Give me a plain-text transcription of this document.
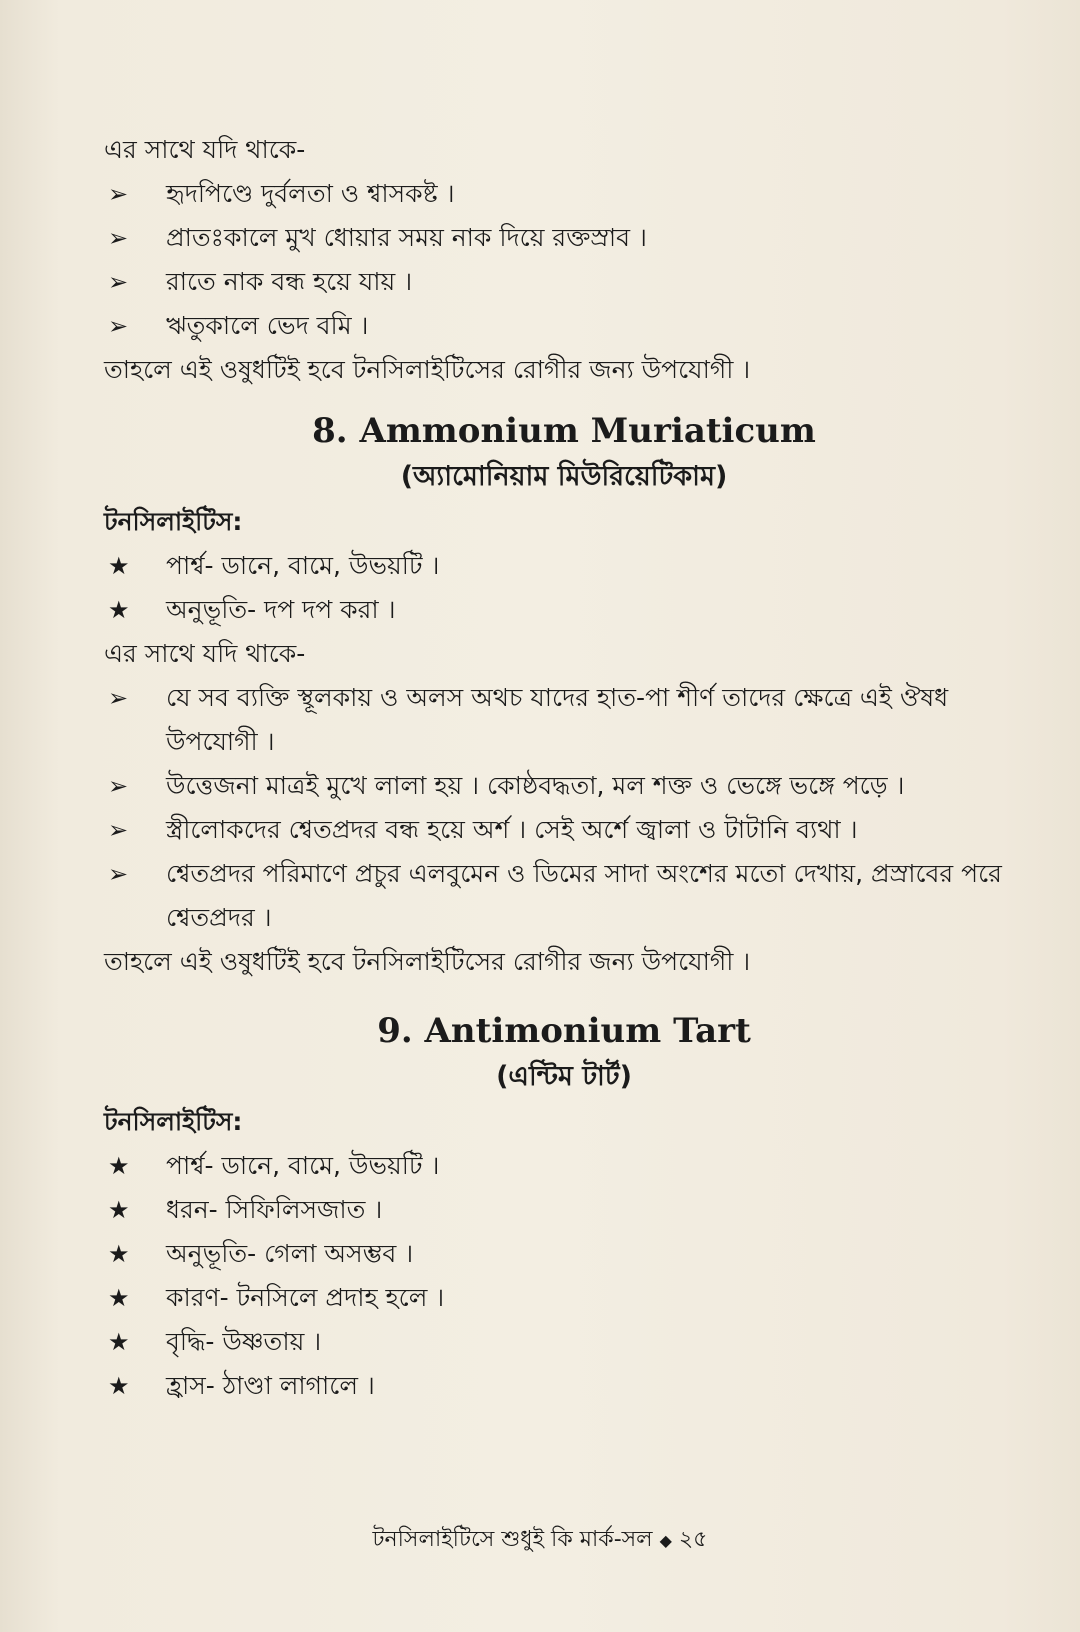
এর সাথে যদি থাকে-
➢ হৃদপিণ্ডে দুর্বলতা ও শ্বাসকষ্ট ।
➢ প্রাতঃকালে মুখ ধোয়ার সময় নাক দিয়ে রক্তস্রাব ।
➢ রাতে নাক বন্ধ হয়ে যায় ।
➢ ঋতুকালে ভেদ বমি ।
তাহলে এই ওষুধটিই হবে টনসিলাইটিসের রোগীর জন্য উপযোগী ।
8. Ammonium Muriaticum
(অ্যামোনিয়াম মিউরিয়েটিকাম)
টনসিলাইটিস:
★ পার্শ্ব- ডানে, বামে, উভয়টি ।
★ অনুভূতি- দপ দপ করা ।
এর সাথে যদি থাকে-
➢ যে সব ব্যক্তি স্থূলকায় ও অলস অথচ যাদের হাত-পা শীর্ণ তাদের ক্ষেত্রে এই ঔষধ উপযোগী ।
➢ উত্তেজনা মাত্রই মুখে লালা হয় । কোষ্ঠবদ্ধতা, মল শক্ত ও ভেঙ্গে ভঙ্গে পড়ে ।
➢ স্ত্রীলোকদের শ্বেতপ্রদর বন্ধ হয়ে অর্শ । সেই অর্শে জ্বালা ও টাটানি ব্যথা ।
➢ শ্বেতপ্রদর পরিমাণে প্রচুর এলবুমেন ও ডিমের সাদা অংশের মতো দেখায়, প্রস্রাবের পরে শ্বেতপ্রদর ।
তাহলে এই ওষুধটিই হবে টনসিলাইটিসের রোগীর জন্য উপযোগী ।
9. Antimonium Tart
(এন্টিম টার্ট)
টনসিলাইটিস:
★ পার্শ্ব- ডানে, বামে, উভয়টি ।
★ ধরন- সিফিলিসজাত ।
★ অনুভূতি- গেলা অসম্ভব ।
★ কারণ- টনসিলে প্রদাহ হলে ।
★ বৃদ্ধি- উষ্ণতায় ।
★ হ্রাস- ঠাণ্ডা লাগালে ।
টনসিলাইটিসে শুধুই কি মার্ক-সল ◆ ২৫
